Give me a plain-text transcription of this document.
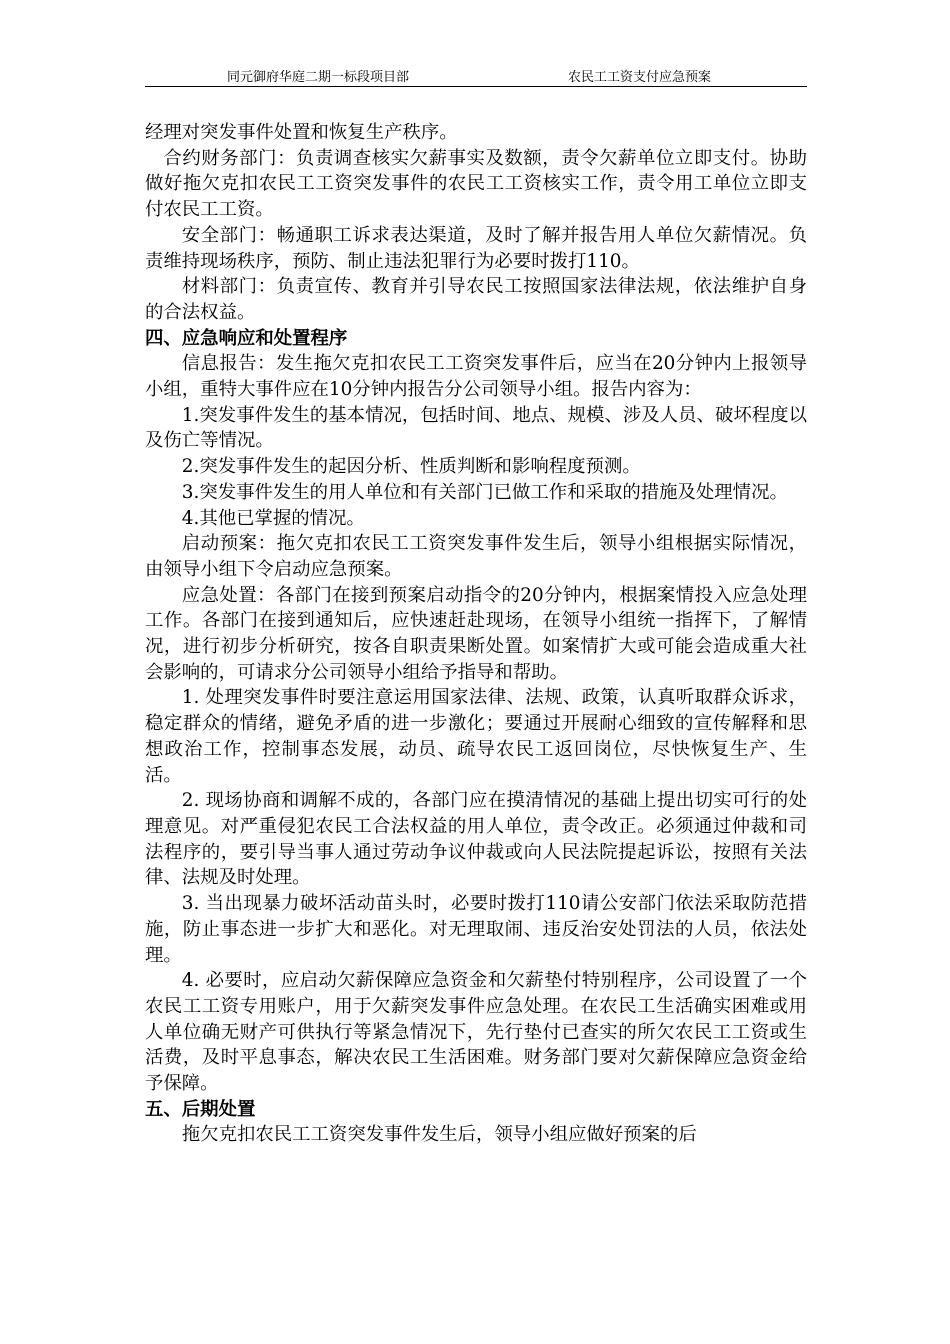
同元御府华庭二期一标段项目部	农民工工资支付应急预案

经理对突发事件处置和恢复生产秩序。

合约财务部门：负责调查核实欠薪事实及数额，责令欠薪单位立即支付。协助做好拖欠克扣农民工工资突发事件的农民工工资核实工作，责令用工单位立即支付农民工工资。

安全部门：畅通职工诉求表达渠道，及时了解并报告用人单位欠薪情况。负责维持现场秩序，预防、制止违法犯罪行为必要时拨打110。

材料部门：负责宣传、教育并引导农民工按照国家法律法规，依法维护自身的合法权益。

四、应急响应和处置程序

信息报告：发生拖欠克扣农民工工资突发事件后，应当在20分钟内上报领导小组，重特大事件应在10分钟内报告分公司领导小组。报告内容为：

1.突发事件发生的基本情况，包括时间、地点、规模、涉及人员、破坏程度以及伤亡等情况。

2.突发事件发生的起因分析、性质判断和影响程度预测。

3.突发事件发生的用人单位和有关部门已做工作和采取的措施及处理情况。

4.其他已掌握的情况。

启动预案：拖欠克扣农民工工资突发事件发生后，领导小组根据实际情况，由领导小组下令启动应急预案。

应急处置：各部门在接到预案启动指令的20分钟内，根据案情投入应急处理工作。各部门在接到通知后，应快速赶赴现场，在领导小组统一指挥下，了解情况，进行初步分析研究，按各自职责果断处置。如案情扩大或可能会造成重大社会影响的，可请求分公司领导小组给予指导和帮助。

1. 处理突发事件时要注意运用国家法律、法规、政策，认真听取群众诉求，稳定群众的情绪，避免矛盾的进一步激化；要通过开展耐心细致的宣传解释和思想政治工作，控制事态发展，动员、疏导农民工返回岗位，尽快恢复生产、生活。

2. 现场协商和调解不成的，各部门应在摸清情况的基础上提出切实可行的处理意见。对严重侵犯农民工合法权益的用人单位，责令改正。必须通过仲裁和司法程序的，要引导当事人通过劳动争议仲裁或向人民法院提起诉讼，按照有关法律、法规及时处理。

3. 当出现暴力破坏活动苗头时，必要时拨打110请公安部门依法采取防范措施，防止事态进一步扩大和恶化。对无理取闹、违反治安处罚法的人员，依法处理。

4. 必要时，应启动欠薪保障应急资金和欠薪垫付特别程序，公司设置了一个农民工工资专用账户，用于欠薪突发事件应急处理。在农民工生活确实困难或用人单位确无财产可供执行等紧急情况下，先行垫付已查实的所欠农民工工资或生活费，及时平息事态，解决农民工生活困难。财务部门要对欠薪保障应急资金给予保障。

五、后期处置

拖欠克扣农民工工资突发事件发生后，领导小组应做好预案的后
